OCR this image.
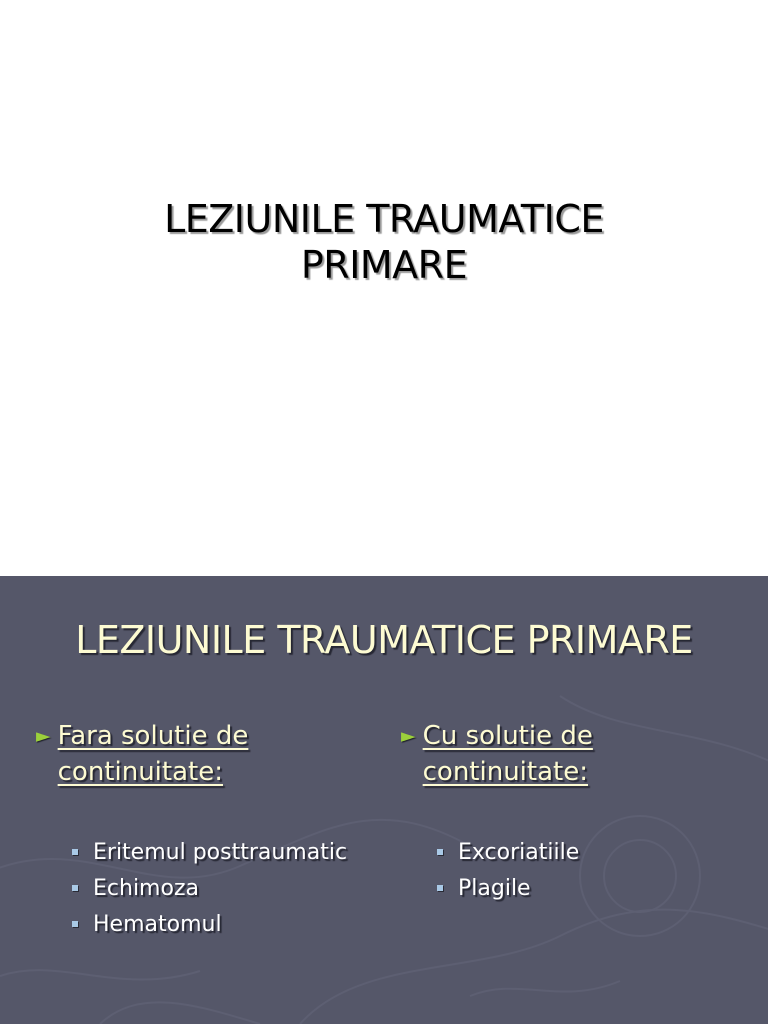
LEZIUNILE TRAUMATICE
PRIMARE
LEZIUNILE TRAUMATICE PRIMARE
► Fara solutie de
continuitate:
Eritemul posttraumatic
Echimoza
Hematomul
► Cu solutie de
continuitate:
Excoriatiile
Plagile
